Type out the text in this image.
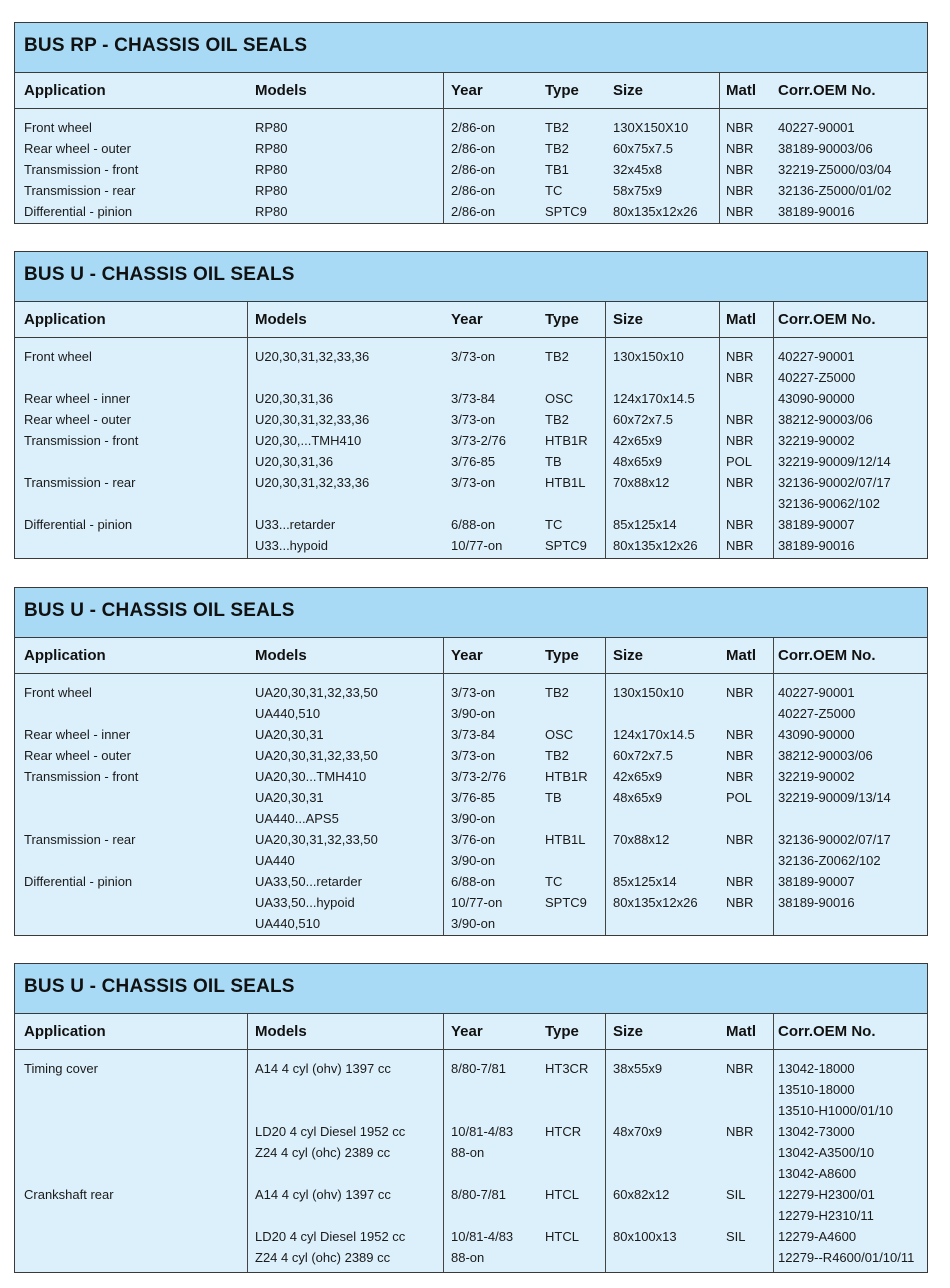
BUS RP - CHASSIS OIL SEALS
Application	Models	Year	Type Size	Matl Corr.OEM No.
Front wheel	RP80	2/86-on	TB2	130X150X10	NBR 40227-90001
Rear wheel - outer	RP80	2/86-on	TB2	60x75x7.5	NBR 38189-90003/06
Transmission - front	RP80	2/86-on	TB1	32x45x8	NBR 32219-Z5000/03/04
Transmission - rear	RP80	2/86-on	TC	58x75x9	NBR 32136-Z5000/01/02
Differential - pinion	RP80	2/86-on	SPTC9 80x135x12x26 NBR 38189-90016
BUS U - CHASSIS OIL SEALS
Application	Models	Year	Type Size	Matl Corr.OEM No.
Front wheel	U20,30,31,32,33,36	3/73-on	TB2	130x150x10	NBR 40227-90001
NBR 40227-Z5000
Rear wheel - inner	U20,30,31,36	3/73-84	OSC	124x170x14.5	43090-90000
Rear wheel - outer	U20,30,31,32,33,36	3/73-on	TB2	60x72x7.5	NBR 38212-90003/06
Transmission - front	U20,30,...TMH410	3/73-2/76	HTB1R 42x65x9	NBR 32219-90002
U20,30,31,36	3/76-85	TB	48x65x9	POL 32219-90009/12/14
Transmission - rear	U20,30,31,32,33,36	3/73-on	HTB1L 70x88x12	NBR 32136-90002/07/17
32136-90062/102
Differential - pinion	U33...retarder	6/88-on	TC	85x125x14	NBR 38189-90007
U33...hypoid	10/77-on	SPTC9 80x135x12x26 NBR 38189-90016
BUS U - CHASSIS OIL SEALS
Application	Models	Year	Type Size	Matl Corr.OEM No.
Front wheel	UA20,30,31,32,33,50	3/73-on	TB2	130x150x10	NBR 40227-90001
UA440,510	3/90-on	40227-Z5000
Rear wheel - inner	UA20,30,31	3/73-84	OSC	124x170x14.5 NBR 43090-90000
Rear wheel - outer	UA20,30,31,32,33,50	3/73-on	TB2	60x72x7.5	NBR 38212-90003/06
Transmission - front	UA20,30...TMH410	3/73-2/76	HTB1R 42x65x9	NBR 32219-90002
UA20,30,31	3/76-85	TB	48x65x9	POL 32219-90009/13/14
UA440...APS5	3/90-on
Transmission - rear	UA20,30,31,32,33,50	3/76-on	HTB1L 70x88x12	NBR 32136-90002/07/17
UA440	3/90-on	32136-Z0062/102
Differential - pinion	UA33,50...retarder	6/88-on	TC	85x125x14	NBR 38189-90007
UA33,50...hypoid	10/77-on	SPTC9 80x135x12x26 NBR 38189-90016
UA440,510	3/90-on
BUS U - CHASSIS OIL SEALS
Application	Models	Year	Type Size	Matl Corr.OEM No.
Timing cover	A14 4 cyl (ohv) 1397 cc	8/80-7/81	HT3CR 38x55x9	NBR 13042-18000
13510-18000
13510-H1000/01/10
LD20 4 cyl Diesel 1952 cc	10/81-4/83 HTCR 48x70x9	NBR 13042-73000
Z24 4 cyl (ohc) 2389 cc	88-on	13042-A3500/10
13042-A8600
Crankshaft rear	A14 4 cyl (ohv) 1397 cc	8/80-7/81	HTCL	60x82x12	SIL 12279-H2300/01
12279-H2310/11
LD20 4 cyl Diesel 1952 cc	10/81-4/83 HTCL	80x100x13	SIL 12279-A4600
Z24 4 cyl (ohc) 2389 cc	88-on	12279--R4600/01/10/11
